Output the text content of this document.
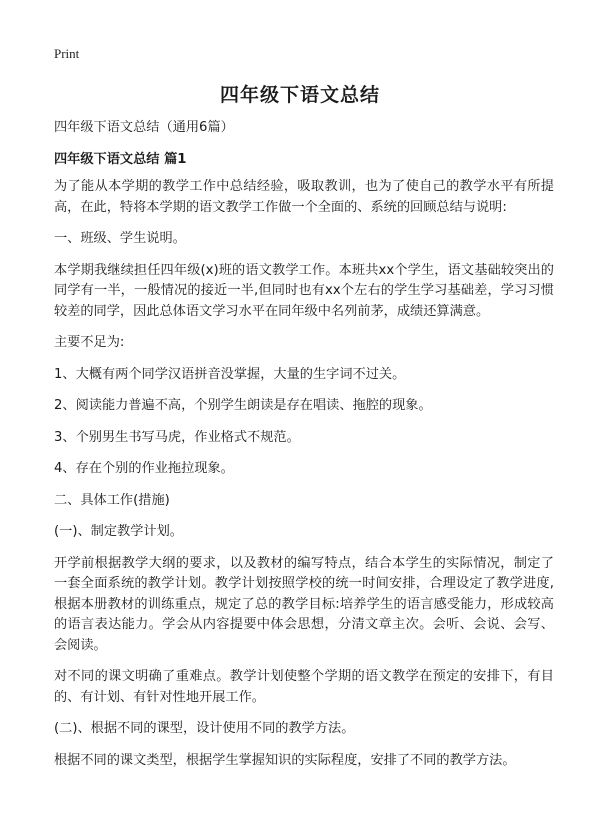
Print
四年级下语文总结

四年级下语文总结（通用6篇）

四年级下语文总结 篇1

为了能从本学期的教学工作中总结经验，吸取教训，也为了使自己的教学水平有所提高，在此，特将本学期的语文教学工作做一个全面的、系统的回顾总结与说明:

一、班级、学生说明。

本学期我继续担任四年级(x)班的语文教学工作。本班共xx个学生，语文基础较突出的同学有一半，一般情况的接近一半,但同时也有xx个左右的学生学习基础差，学习习惯较差的同学，因此总体语文学习水平在同年级中名列前茅，成绩还算满意。

主要不足为:

1、大概有两个同学汉语拼音没掌握，大量的生字词不过关。

2、阅读能力普遍不高，个别学生朗读是存在唱读、拖腔的现象。

3、个别男生书写马虎，作业格式不规范。

4、存在个别的作业拖拉现象。

二、具体工作(措施)

(一)、制定教学计划。

开学前根据教学大纲的要求，以及教材的编写特点，结合本学生的实际情况，制定了一套全面系统的教学计划。教学计划按照学校的统一时间安排，合理设定了教学进度,根据本册教材的训练重点，规定了总的教学目标:培养学生的语言感受能力，形成较高的语言表达能力。学会从内容提要中体会思想，分清文章主次。会听、会说、会写、会阅读。

对不同的课文明确了重难点。教学计划使整个学期的语文教学在预定的安排下，有目的、有计划、有针对性地开展工作。

(二)、根据不同的课型，设计使用不同的教学方法。

根据不同的课文类型，根据学生掌握知识的实际程度，安排了不同的教学方法。
